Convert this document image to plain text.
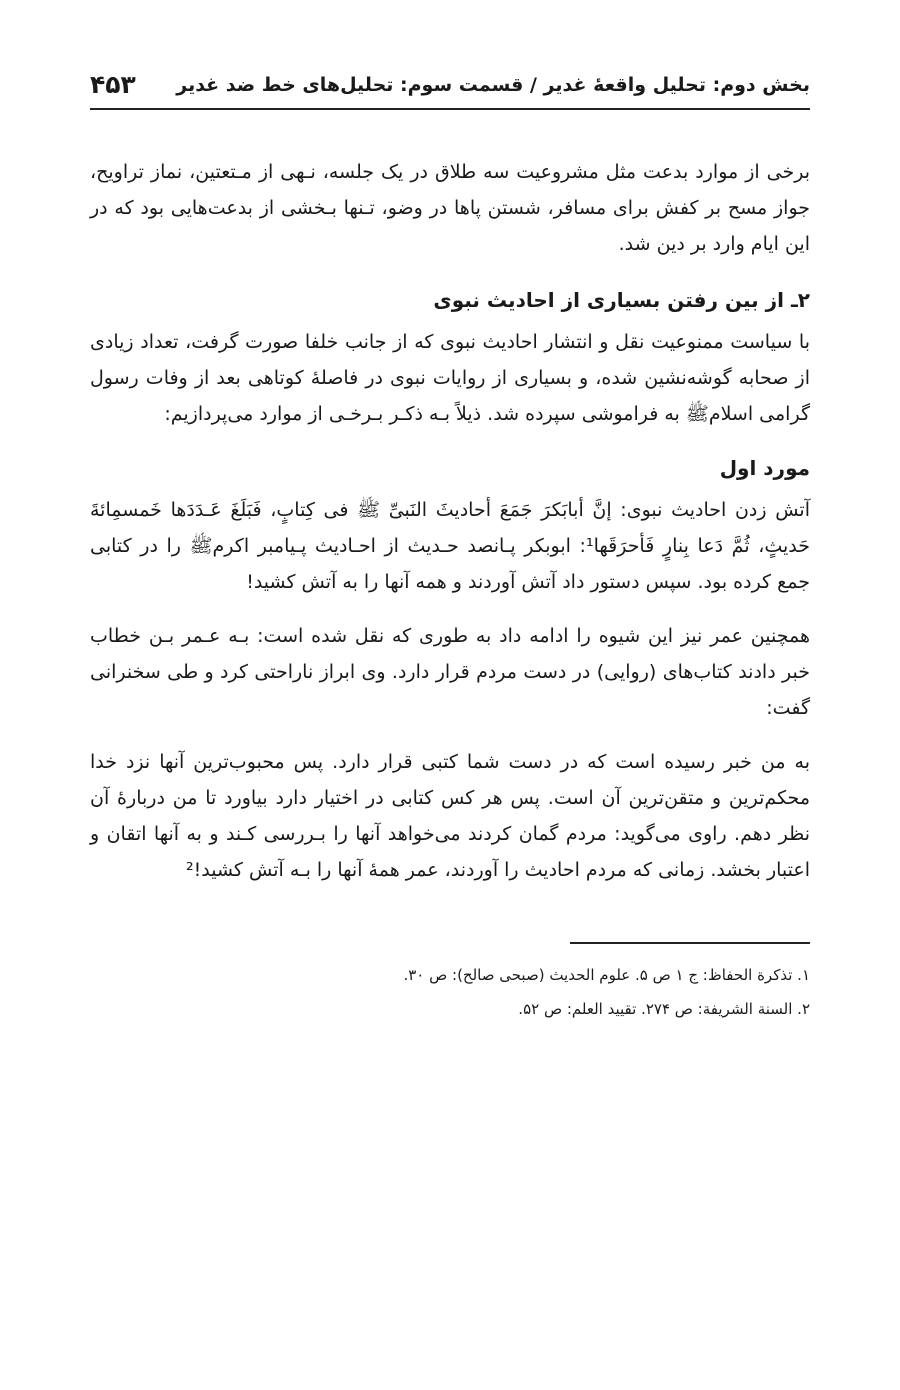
بخش دوم: تحلیل واقعهٔ غدیر / قسمت سوم: تحلیل‌های خط ضد غدیر
۴۵۳

برخی از موارد بدعت مثل مشروعیت سه طلاق در یک جلسه، نـهی از مـتعتین، نماز تراویح، جواز مسح بر کفش برای مسافر، شستن پاها در وضو، تـنها بـخشی از بدعت‌هایی بود که در این ایام وارد بر دین شد.

۲ـ از بین رفتن بسیاری از احادیث نبوی

با سیاست ممنوعیت نقل و انتشار احادیث نبوی که از جانب خلفا صورت گرفت، تعداد زیادی از صحابه گوشه‌نشین شده، و بسیاری از روایات نبوی در فاصلهٔ کوتاهی بعد از وفات رسول گرامی اسلامﷺ به فراموشی سپرده شد. ذیلاً بـه ذکـر بـرخـی از موارد می‌پردازیم:

مورد اول

آتش زدن احادیث نبوی: إنَّ أبابَکرَ جَمَعَ أحادیثَ النَبیِّ ﷺ فی کِتابٍ، فَبَلَغَ عَـدَدَها خَمسمِائةَ حَدیثٍ، ثُمَّ دَعا بِنارٍ فَأحرَقَها¹: ابوبکر پـانصد حـدیث از احـادیث پـیامبر اکرمﷺ را در کتابی جمع کرده بود. سپس دستور داد آتش آوردند و همه آنها را به آتش کشید!

همچنین عمر نیز این شیوه را ادامه داد به طوری که نقل شده است: بـه عـمر بـن خطاب خبر دادند کتاب‌های (روایی) در دست مردم قرار دارد. وی ابراز ناراحتی کرد و طی سخنرانی گفت:

به من خبر رسیده است که در دست شما کتبی قرار دارد. پس محبوب‌ترین آنها نزد خدا محکم‌ترین و متقن‌ترین آن است. پس هر کس کتابی در اختیار دارد بیاورد تا من دربارهٔ آن نظر دهم. راوی می‌گوید: مردم گمان کردند می‌خواهد آنها را بـررسی کـند و به آنها اتقان و اعتبار بخشد. زمانی که مردم احادیث را آوردند، عمر همهٔ آنها را بـه آتش کشید!²

۱. تذکرة الحفاظ: ج ۱ ص ۵. علوم الحدیث (صبحی صالح): ص ۳۰.

۲. السنة الشریفة: ص ۲۷۴. تقیید العلم: ص ۵۲.
